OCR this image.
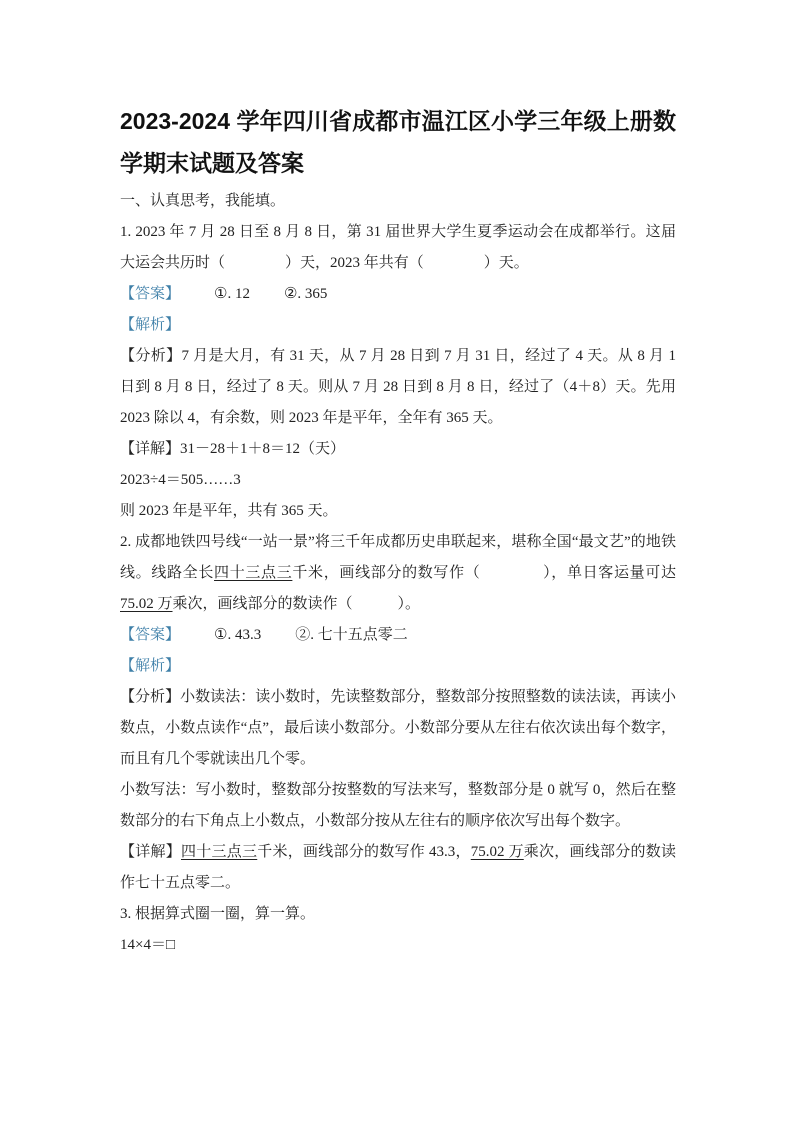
2023-2024 学年四川省成都市温江区小学三年级上册数学期末试题及答案

一、认真思考，我能填。

1. 2023 年 7 月 28 日至 8 月 8 日，第 31 届世界大学生夏季运动会在成都举行。这届大运会共历时（　　　　）天，2023 年共有（　　　　）天。

【答案】 ①. 12 ②. 365

【解析】

【分析】7 月是大月，有 31 天，从 7 月 28 日到 7 月 31 日，经过了 4 天。从 8 月 1 日到 8 月 8 日，经过了 8 天。则从 7 月 28 日到 8 月 8 日，经过了（4＋8）天。先用 2023 除以 4，有余数，则 2023 年是平年，全年有 365 天。

【详解】31－28＋1＋8＝12（天）

2023÷4＝505……3

则 2023 年是平年，共有 365 天。

2. 成都地铁四号线“一站一景”将三千年成都历史串联起来，堪称全国“最文艺”的地铁线。线路全长四十三点三千米，画线部分的数写作（　　　　），单日客运量可达75.02 万乘次，画线部分的数读作（　　　）。

【答案】 ①. 43.3 ②. 七十五点零二

【解析】

【分析】小数读法：读小数时，先读整数部分，整数部分按照整数的读法读，再读小数点，小数点读作“点”，最后读小数部分。小数部分要从左往右依次读出每个数字，而且有几个零就读出几个零。

小数写法：写小数时，整数部分按整数的写法来写，整数部分是 0 就写 0，然后在整数部分的右下角点上小数点，小数部分按从左往右的顺序依次写出每个数字。

【详解】四十三点三千米，画线部分的数写作 43.3，75.02 万乘次，画线部分的数读作七十五点零二。

3. 根据算式圈一圈，算一算。

14×4＝□
